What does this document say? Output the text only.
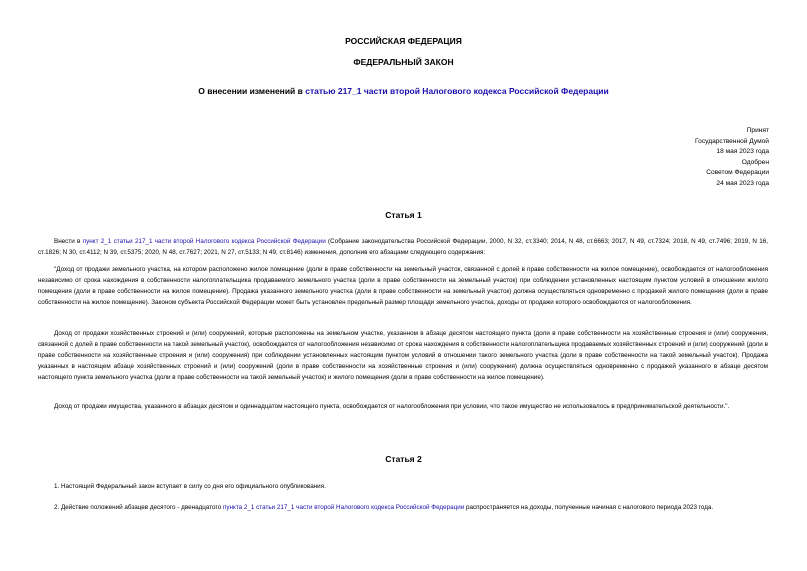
РОССИЙСКАЯ ФЕДЕРАЦИЯ
ФЕДЕРАЛЬНЫЙ ЗАКОН
О внесении изменений в статью 217_1 части второй Налогового кодекса Российской Федерации
Принят
Государственной Думой
18 мая 2023 года
Одобрен
Советом Федерации
24 мая 2023 года
Статья 1

Внести в пункт 2_1 статьи 217_1 части второй Налогового кодекса Российской Федерации (Собрание законодательства Российской Федерации, 2000, N 32, ст.3340; 2014, N 48, ст.6663; 2017, N 49, ст.7324; 2018, N 49, ст.7496; 2019, N 16, ст.1826; N 30, ст.4112; N 39, ст.5375; 2020, N 48, ст.7627; 2021, N 27, ст.5133; N 49, ст.8146) изменения, дополнив его абзацами следующего содержания:

"Доход от продажи земельного участка, на котором расположено жилое помещение (доли в праве собственности на земельный участок, связанной с долей в праве собственности на жилое помещение), освобождается от налогообложения независимо от срока нахождения в собственности налогоплательщика продаваемого земельного участка (доли в праве собственности на земельный участок) при соблюдении установленных настоящим пунктом условий в отношении жилого помещения (доли в праве собственности на жилое помещение). Продажа указанного земельного участка (доли в праве собственности на земельный участок) должна осуществляться одновременно с продажей жилого помещения (доли в праве собственности на жилое помещение). Законом субъекта Российской Федерации может быть установлен предельный размер площади земельного участка, доходы от продажи которого освобождаются от налогообложения.

Доход от продажи хозяйственных строений и (или) сооружений, которые расположены на земельном участке, указанном в абзаце десятом настоящего пункта (доли в праве собственности на хозяйственные строения и (или) сооружения, связанной с долей в праве собственности на такой земельный участок), освобождается от налогообложения независимо от срока нахождения в собственности налогоплательщика продаваемых хозяйственных строений и (или) сооружений (доли в праве собственности на хозяйственные строения и (или) сооружения) при соблюдении установленных настоящим пунктом условий в отношении такого земельного участка (доли в праве собственности на такой земельный участок). Продажа указанных в настоящем абзаце хозяйственных строений и (или) сооружений (доли в праве собственности на хозяйственные строения и (или) сооружения) должна осуществляться одновременно с продажей указанного в абзаце десятом настоящего пункта земельного участка (доли в праве собственности на такой земельный участок) и жилого помещения (доли в праве собственности на жилое помещение).

Доход от продажи имущества, указанного в абзацах десятом и одиннадцатом настоящего пункта, освобождается от налогообложения при условии, что такое имущество не использовалось в предпринимательской деятельности.".

Статья 2

1. Настоящий Федеральный закон вступает в силу со дня его официального опубликования.

2. Действие положений абзацев десятого - двенадцатого пункта 2_1 статьи 217_1 части второй Налогового кодекса Российской Федерации распространяется на доходы, полученные начиная с налогового периода 2023 года.
